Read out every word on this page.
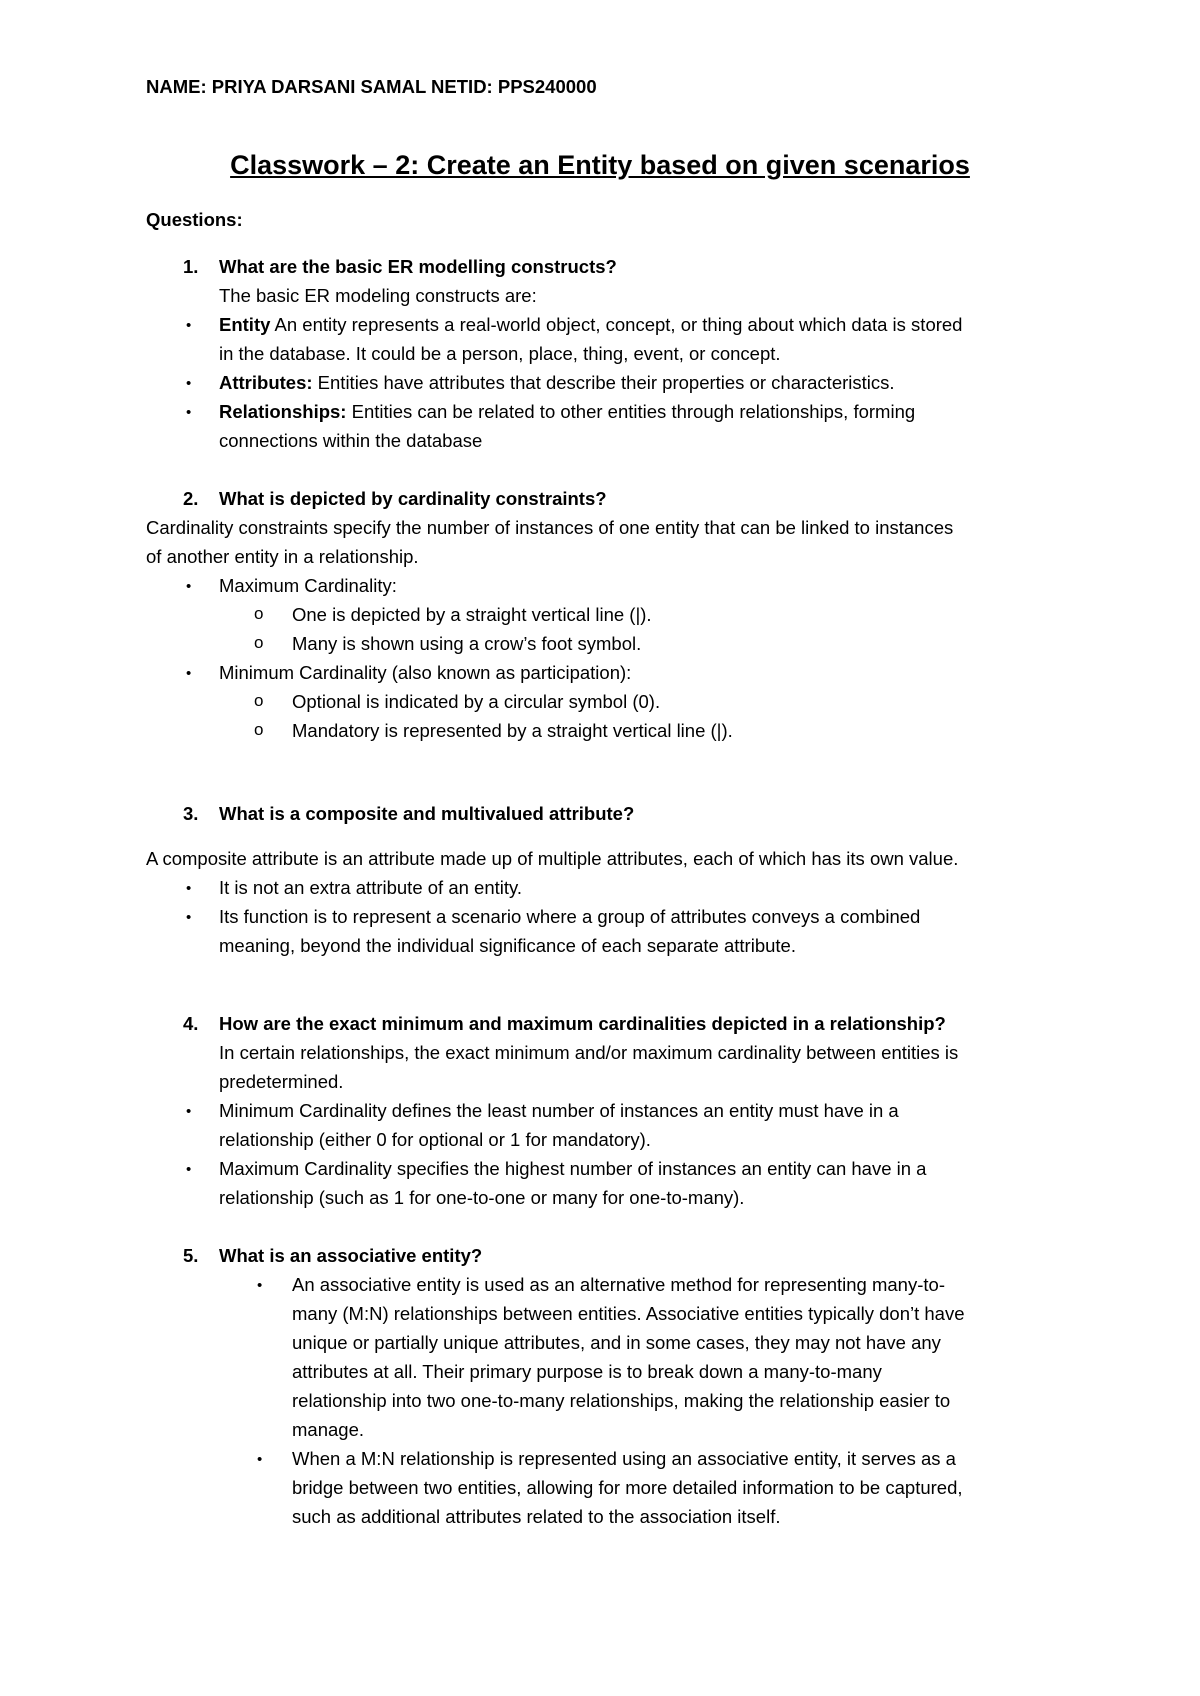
NAME: PRIYA DARSANI SAMAL NETID: PPS240000
Classwork – 2: Create an Entity based on given scenarios
Questions:
1. What are the basic ER modelling constructs?
The basic ER modeling constructs are:
• Entity An entity represents a real-world object, concept, or thing about which data is stored
in the database. It could be a person, place, thing, event, or concept.
• Attributes: Entities have attributes that describe their properties or characteristics.
• Relationships: Entities can be related to other entities through relationships, forming
connections within the database
2. What is depicted by cardinality constraints?
Cardinality constraints specify the number of instances of one entity that can be linked to instances
of another entity in a relationship.
• Maximum Cardinality:
o One is depicted by a straight vertical line (|).
o Many is shown using a crow’s foot symbol.
• Minimum Cardinality (also known as participation):
o Optional is indicated by a circular symbol (0).
o Mandatory is represented by a straight vertical line (|).
3. What is a composite and multivalued attribute?
A composite attribute is an attribute made up of multiple attributes, each of which has its own value.
• It is not an extra attribute of an entity.
• Its function is to represent a scenario where a group of attributes conveys a combined
meaning, beyond the individual significance of each separate attribute.
4. How are the exact minimum and maximum cardinalities depicted in a relationship?
In certain relationships, the exact minimum and/or maximum cardinality between entities is
predetermined.
• Minimum Cardinality defines the least number of instances an entity must have in a
relationship (either 0 for optional or 1 for mandatory).
• Maximum Cardinality specifies the highest number of instances an entity can have in a
relationship (such as 1 for one-to-one or many for one-to-many).
5. What is an associative entity?
• An associative entity is used as an alternative method for representing many-to-
many (M:N) relationships between entities. Associative entities typically don’t have
unique or partially unique attributes, and in some cases, they may not have any
attributes at all. Their primary purpose is to break down a many-to-many
relationship into two one-to-many relationships, making the relationship easier to
manage.
• When a M:N relationship is represented using an associative entity, it serves as a
bridge between two entities, allowing for more detailed information to be captured,
such as additional attributes related to the association itself.
